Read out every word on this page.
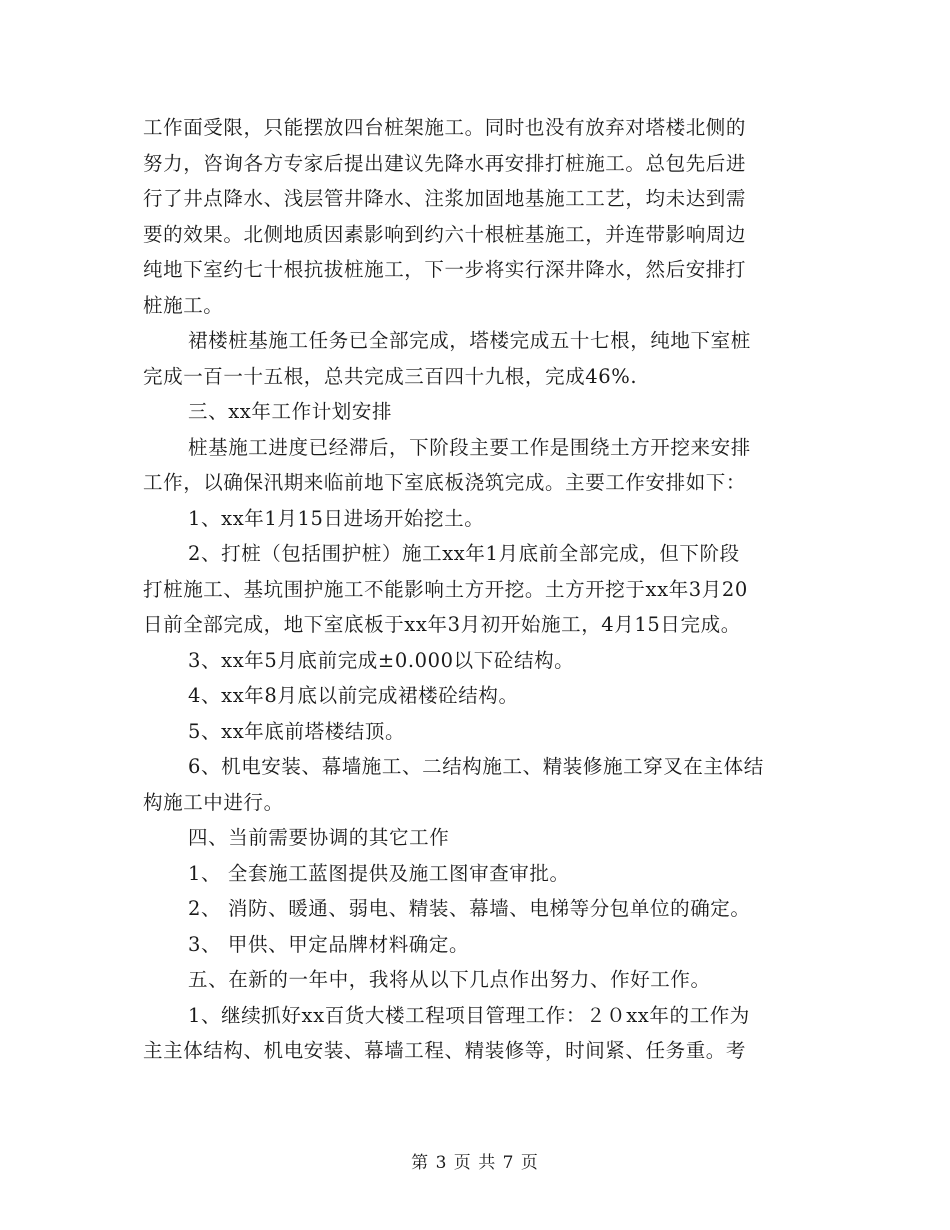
工作面受限，只能摆放四台桩架施工。同时也没有放弃对塔楼北侧的
努力，咨询各方专家后提出建议先降水再安排打桩施工。总包先后进
行了井点降水、浅层管井降水、注浆加固地基施工工艺，均未达到需
要的效果。北侧地质因素影响到约六十根桩基施工，并连带影响周边
纯地下室约七十根抗拔桩施工，下一步将实行深井降水，然后安排打
桩施工。
裙楼桩基施工任务已全部完成，塔楼完成五十七根，纯地下室桩
完成一百一十五根，总共完成三百四十九根，完成46%.
三、xx年工作计划安排
桩基施工进度已经滞后，下阶段主要工作是围绕土方开挖来安排
工作，以确保汛期来临前地下室底板浇筑完成。主要工作安排如下：
1、xx年1月15日进场开始挖土。
2、打桩（包括围护桩）施工xx年1月底前全部完成，但下阶段
打桩施工、基坑围护施工不能影响土方开挖。土方开挖于xx年3月20
日前全部完成，地下室底板于xx年3月初开始施工，4月15日完成。
3、xx年5月底前完成±0.000以下砼结构。
4、xx年8月底以前完成裙楼砼结构。
5、xx年底前塔楼结顶。
6、机电安装、幕墙施工、二结构施工、精装修施工穿叉在主体结
构施工中进行。
四、当前需要协调的其它工作
1、 全套施工蓝图提供及施工图审查审批。
2、 消防、暖通、弱电、精装、幕墙、电梯等分包单位的确定。
3、 甲供、甲定品牌材料确定。
五、在新的一年中，我将从以下几点作出努力、作好工作。
1、继续抓好xx百货大楼工程项目管理工作：２０xx年的工作为
主主体结构、机电安装、幕墙工程、精装修等，时间紧、任务重。考
第 3 页 共 7 页
